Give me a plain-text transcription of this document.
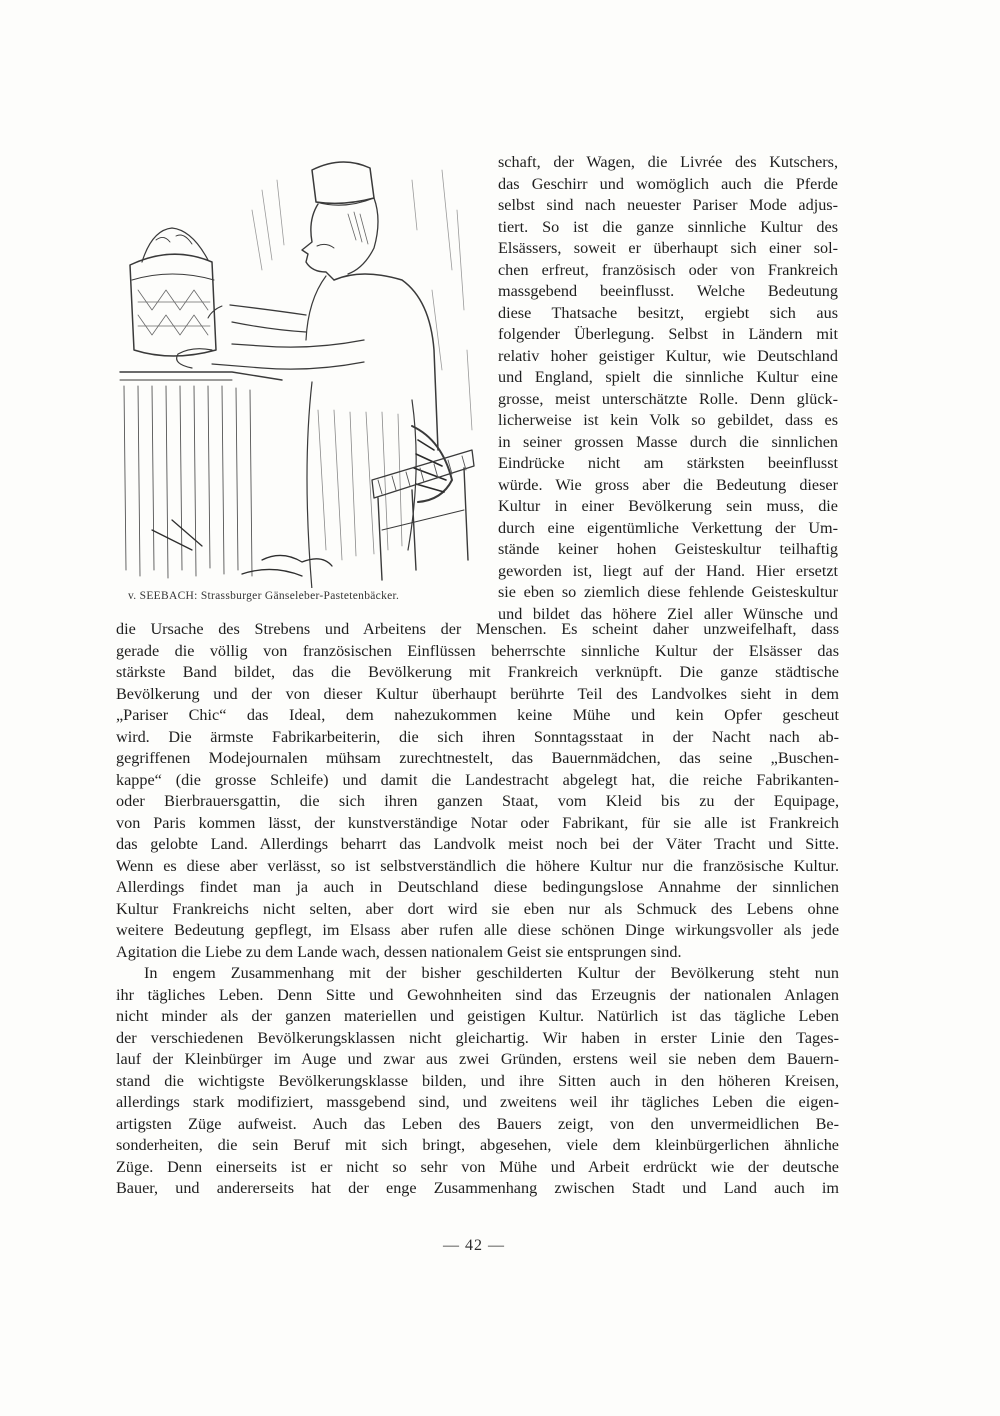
v. SEEBACH: Strassburger Gänseleber-Pastetenbäcker.
schaft, der Wagen, die Livrée des Kutschers,
das Geschirr und womöglich auch die Pferde
selbst sind nach neuester Pariser Mode adjus-
tiert. So ist die ganze sinnliche Kultur des
Elsässers, soweit er überhaupt sich einer sol-
chen erfreut, französisch oder von Frankreich
massgebend beeinflusst. Welche Bedeutung
diese Thatsache besitzt, ergiebt sich aus
folgender Überlegung. Selbst in Ländern mit
relativ hoher geistiger Kultur, wie Deutschland
und England, spielt die sinnliche Kultur eine
grosse, meist unterschätzte Rolle. Denn glück-
licherweise ist kein Volk so gebildet, dass es
in seiner grossen Masse durch die sinnlichen
Eindrücke nicht am stärksten beeinflusst
würde. Wie gross aber die Bedeutung dieser
Kultur in einer Bevölkerung sein muss, die
durch eine eigentümliche Verkettung der Um-
stände keiner hohen Geisteskultur teilhaftig
geworden ist, liegt auf der Hand. Hier ersetzt
sie eben so ziemlich diese fehlende Geisteskultur
und bildet das höhere Ziel aller Wünsche und
die Ursache des Strebens und Arbeitens der Menschen. Es scheint daher unzweifelhaft, dass
gerade die völlig von französischen Einflüssen beherrschte sinnliche Kultur der Elsässer das
stärkste Band bildet, das die Bevölkerung mit Frankreich verknüpft. Die ganze städtische
Bevölkerung und der von dieser Kultur überhaupt berührte Teil des Landvolkes sieht in dem
„Pariser Chic“ das Ideal, dem nahezukommen keine Mühe und kein Opfer gescheut
wird. Die ärmste Fabrikarbeiterin, die sich ihren Sonntagsstaat in der Nacht nach ab-
gegriffenen Modejournalen mühsam zurechtnestelt, das Bauernmädchen, das seine „Buschen-
kappe“ (die grosse Schleife) und damit die Landestracht abgelegt hat, die reiche Fabrikanten-
oder Bierbrauersgattin, die sich ihren ganzen Staat, vom Kleid bis zu der Equipage,
von Paris kommen lässt, der kunstverständige Notar oder Fabrikant, für sie alle ist Frankreich
das gelobte Land. Allerdings beharrt das Landvolk meist noch bei der Väter Tracht und Sitte.
Wenn es diese aber verlässt, so ist selbstverständlich die höhere Kultur nur die französische Kultur.
Allerdings findet man ja auch in Deutschland diese bedingungslose Annahme der sinnlichen
Kultur Frankreichs nicht selten, aber dort wird sie eben nur als Schmuck des Lebens ohne
weitere Bedeutung gepflegt, im Elsass aber rufen alle diese schönen Dinge wirkungsvoller als jede
Agitation die Liebe zu dem Lande wach, dessen nationalem Geist sie entsprungen sind.
In engem Zusammenhang mit der bisher geschilderten Kultur der Bevölkerung steht nun
ihr tägliches Leben. Denn Sitte und Gewohnheiten sind das Erzeugnis der nationalen Anlagen
nicht minder als der ganzen materiellen und geistigen Kultur. Natürlich ist das tägliche Leben
der verschiedenen Bevölkerungsklassen nicht gleichartig. Wir haben in erster Linie den Tages-
lauf der Kleinbürger im Auge und zwar aus zwei Gründen, erstens weil sie neben dem Bauern-
stand die wichtigste Bevölkerungsklasse bilden, und ihre Sitten auch in den höheren Kreisen,
allerdings stark modifiziert, massgebend sind, und zweitens weil ihr tägliches Leben die eigen-
artigsten Züge aufweist. Auch das Leben des Bauers zeigt, von den unvermeidlichen Be-
sonderheiten, die sein Beruf mit sich bringt, abgesehen, viele dem kleinbürgerlichen ähnliche
Züge. Denn einerseits ist er nicht so sehr von Mühe und Arbeit erdrückt wie der deutsche
Bauer, und andererseits hat der enge Zusammenhang zwischen Stadt und Land auch im
— 42 —
